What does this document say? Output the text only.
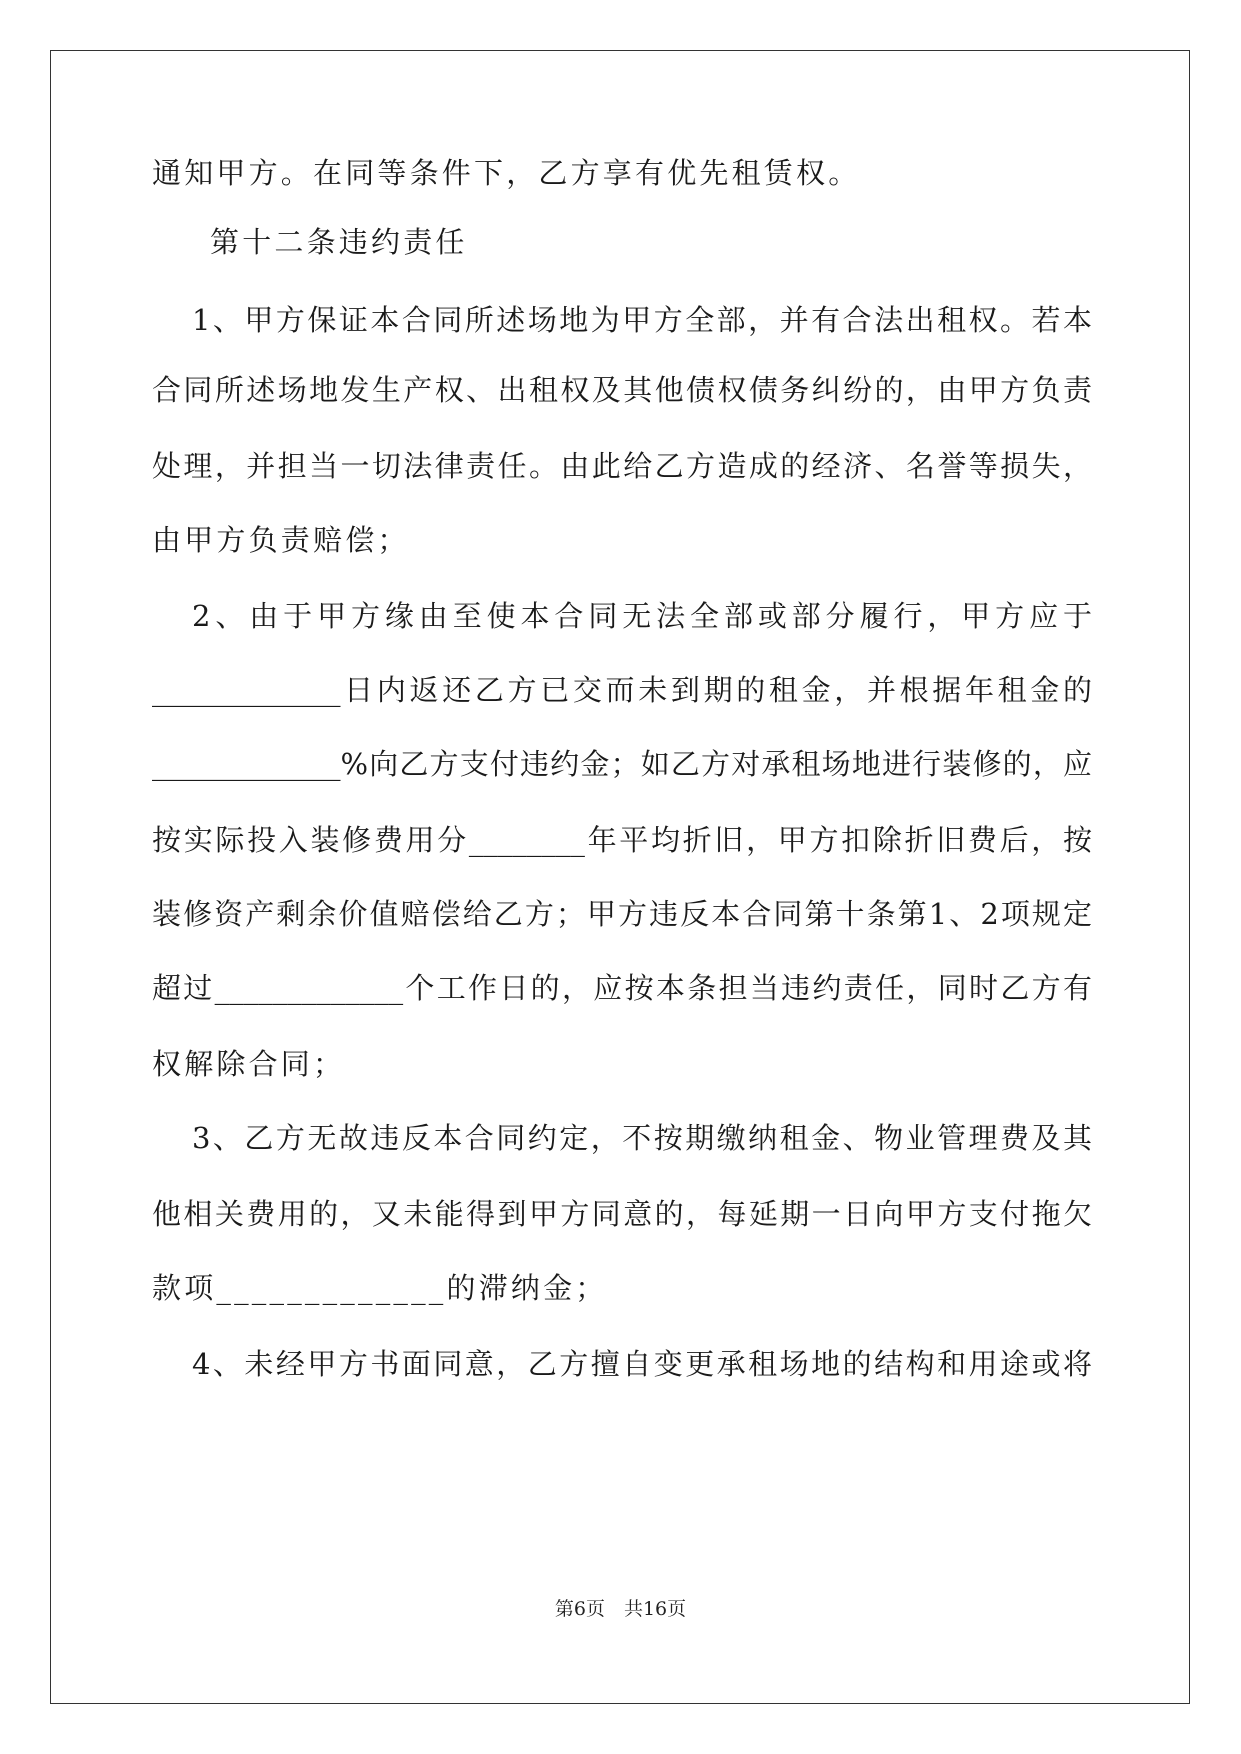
通知甲方。在同等条件下，乙方享有优先租赁权。
第十二条违约责任
1、甲方保证本合同所述场地为甲方全部，并有合法出租权。若本
合同所述场地发生产权、出租权及其他债权债务纠纷的，由甲方负责
处理，并担当一切法律责任。由此给乙方造成的经济、名誉等损失，
由甲方负责赔偿；
2、由于甲方缘由至使本合同无法全部或部分履行，甲方应于
_____________日内返还乙方已交而未到期的租金，并根据年租金的
_____________%向乙方支付违约金；如乙方对承租场地进行装修的，应
按实际投入装修费用分________年平均折旧，甲方扣除折旧费后，按
装修资产剩余价值赔偿给乙方；甲方违反本合同第十条第1、2项规定
超过_____________个工作日的，应按本条担当违约责任，同时乙方有
权解除合同；
3、乙方无故违反本合同约定，不按期缴纳租金、物业管理费及其
他相关费用的，又未能得到甲方同意的，每延期一日向甲方支付拖欠
款项_____________的滞纳金；
4、未经甲方书面同意，乙方擅自变更承租场地的结构和用途或将
第6页　共16页
